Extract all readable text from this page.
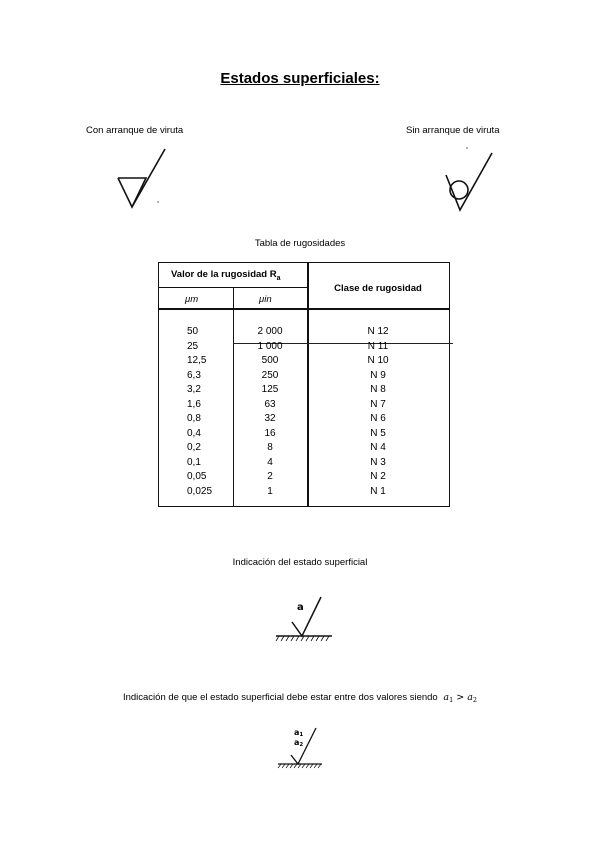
Estados superficiales:
Con arranque de viruta	Sin arranque de viruta
Tabla de rugosidades
Valor de la rugosidad $R_a$
Clase de rugosidad
μm	μin
50	2 000	N 12
25	1 000	N 11
12,5	500	N 10
6,3	250	N 9
3,2	125	N 8
1,6	63	N 7
0,8	32	N 6
0,4	16	N 5
0,2	8	N 4
0,1	4	N 3
0,05	2	N 2
0,025	1	N 1
Indicación del estado superficial
a
Indicación de que el estado superficial debe estar entre dos valores siendo $a_1 > a_2$
a1
a2
